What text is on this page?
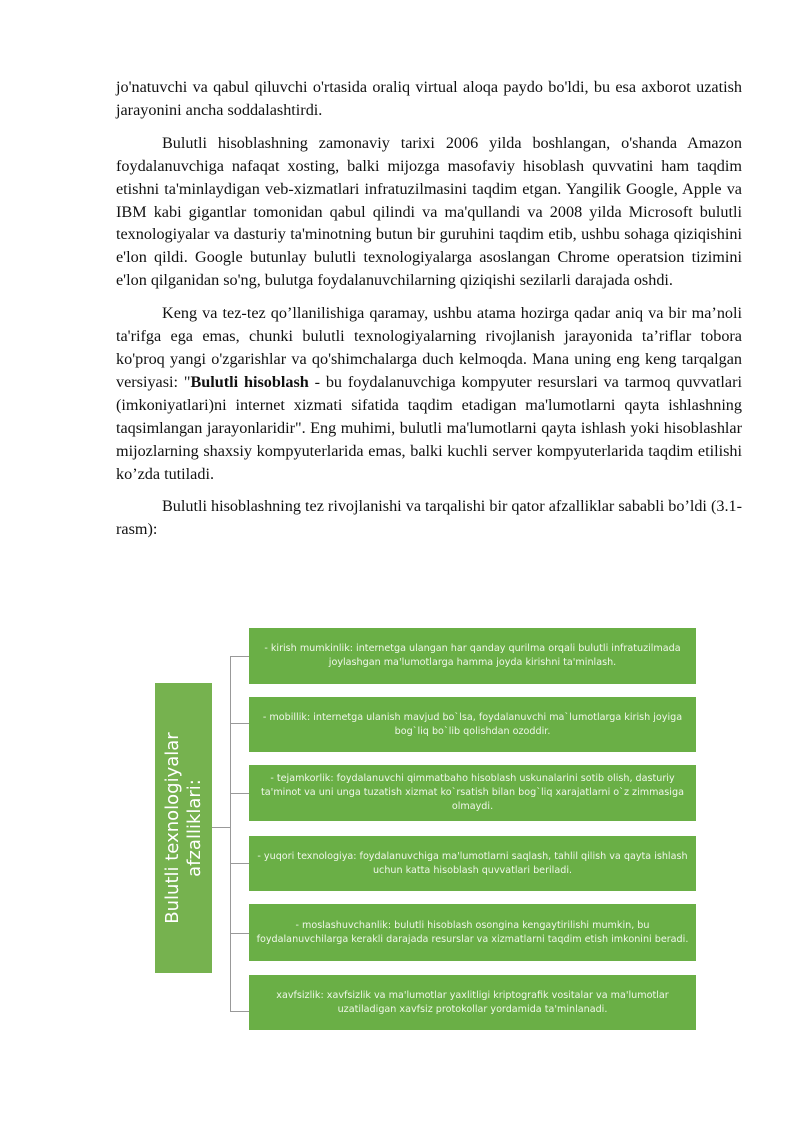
jo'natuvchi va qabul qiluvchi o'rtasida oraliq virtual aloqa paydo bo'ldi, bu esa axborot uzatish jarayonini ancha soddalashtirdi.

Bulutli hisoblashning zamonaviy tarixi 2006 yilda boshlangan, o'shanda Amazon foydalanuvchiga nafaqat xosting, balki mijozga masofaviy hisoblash quvvatini ham taqdim etishni ta'minlaydigan veb-xizmatlari infratuzilmasini taqdim etgan. Yangilik Google, Apple va IBM kabi gigantlar tomonidan qabul qilindi va ma'qullandi va 2008 yilda Microsoft bulutli texnologiyalar va dasturiy ta'minotning butun bir guruhini taqdim etib, ushbu sohaga qiziqishini e'lon qildi. Google butunlay bulutli texnologiyalarga asoslangan Chrome operatsion tizimini e'lon qilganidan so'ng, bulutga foydalanuvchilarning qiziqishi sezilarli darajada oshdi.

Keng va tez-tez qo’llanilishiga qaramay, ushbu atama hozirga qadar aniq va bir ma’noli ta'rifga ega emas, chunki bulutli texnologiyalarning rivojlanish jarayonida ta’riflar tobora ko'proq yangi o'zgarishlar va qo'shimchalarga duch kelmoqda. Mana uning eng keng tarqalgan versiyasi: "Bulutli hisoblash - bu foydalanuvchiga kompyuter resurslari va tarmoq quvvatlari (imkoniyatlari)ni internet xizmati sifatida taqdim etadigan ma'lumotlarni qayta ishlashning taqsimlangan jarayonlaridir". Eng muhimi, bulutli ma'lumotlarni qayta ishlash yoki hisoblashlar mijozlarning shaxsiy kompyuterlarida emas, balki kuchli server kompyuterlarida taqdim etilishi ko’zda tutiladi.

Bulutli hisoblashning tez rivojlanishi va tarqalishi bir qator afzalliklar sababli bo’ldi (3.1-rasm):

Bulutli texnologiyalar afzalliklari:
- kirish mumkinlik: internetga ulangan har qanday qurilma orqali bulutli infratuzilmada joylashgan ma'lumotlarga hamma joyda kirishni ta'minlash.
- mobillik: internetga ulanish mavjud bo`lsa, foydalanuvchi ma`lumotlarga kirish joyiga bog`liq bo`lib qolishdan ozoddir.
- tejamkorlik: foydalanuvchi qimmatbaho hisoblash uskunalarini sotib olish, dasturiy ta'minot va uni unga tuzatish xizmat ko`rsatish bilan bog`liq xarajatlarni o`z zimmasiga olmaydi.
- yuqori texnologiya: foydalanuvchiga ma'lumotlarni saqlash, tahlil qilish va qayta ishlash uchun katta hisoblash quvvatlari beriladi.
- moslashuvchanlik: bulutli hisoblash osongina kengaytirilishi mumkin, bu foydalanuvchilarga kerakli darajada resurslar va xizmatlarni taqdim etish imkonini beradi.
xavfsizlik: xavfsizlik va ma'lumotlar yaxlitligi kriptografik vositalar va ma'lumotlar uzatiladigan xavfsiz protokollar yordamida ta'minlanadi.
